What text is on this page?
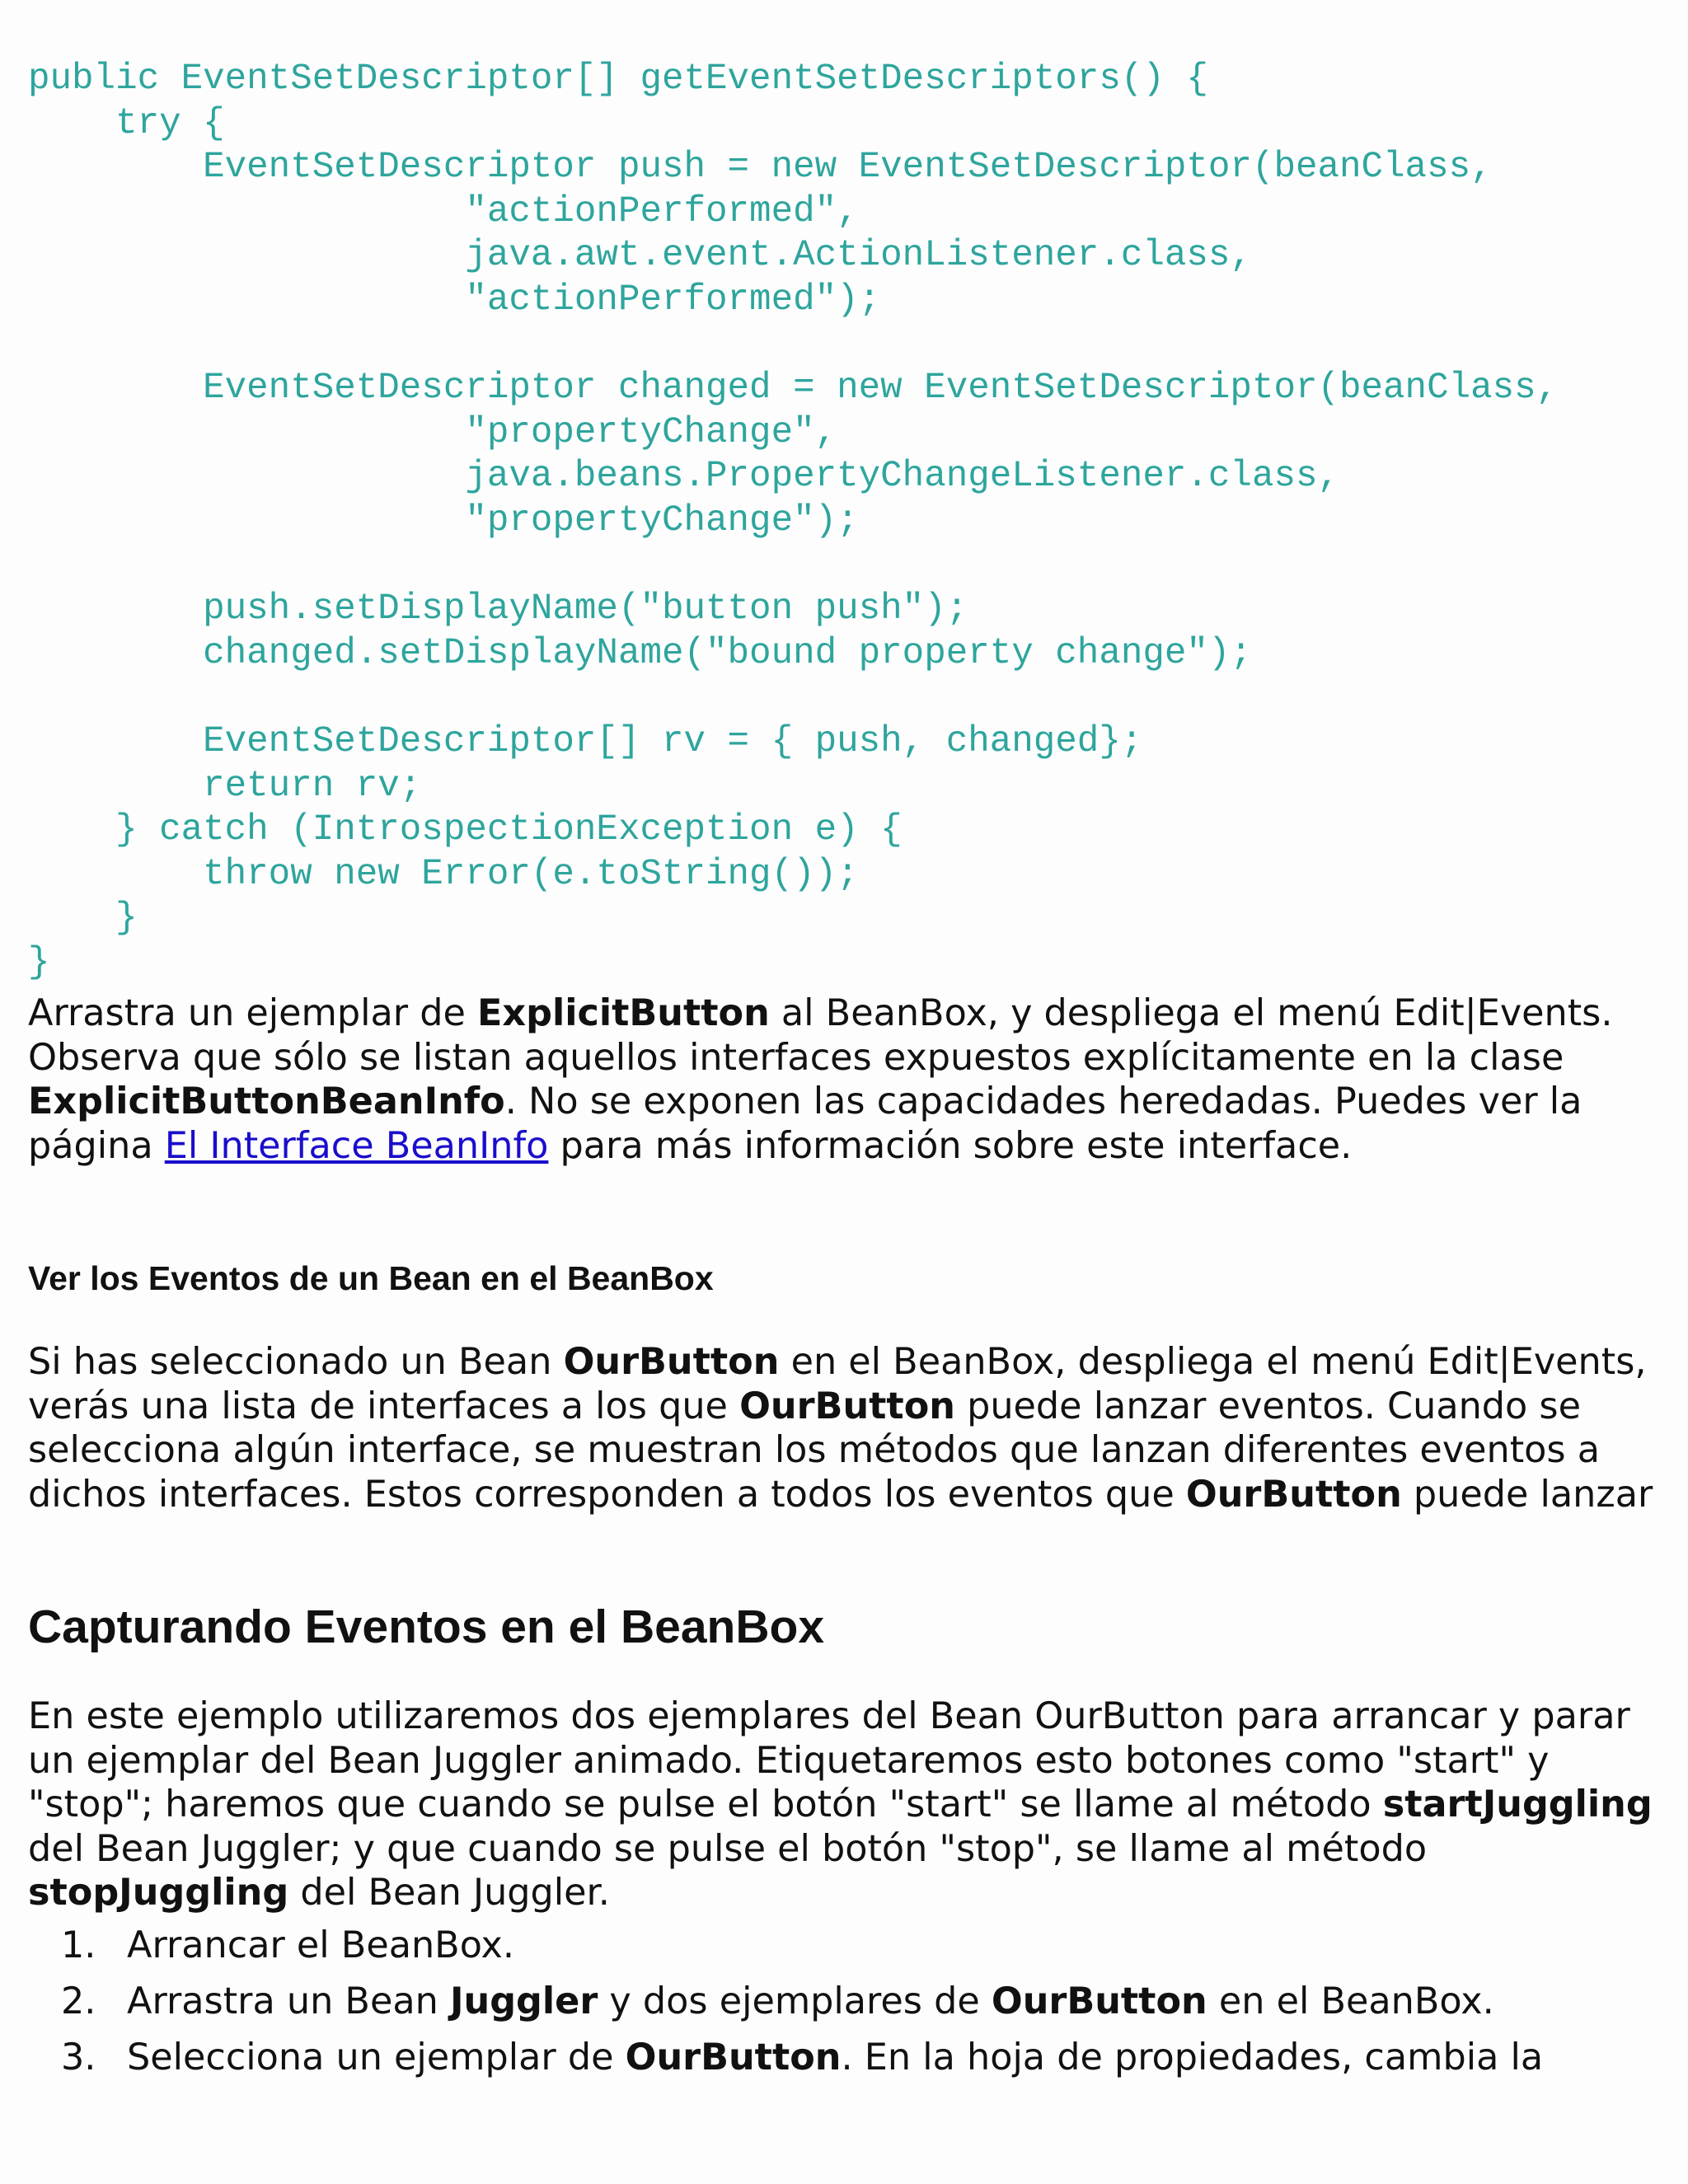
public EventSetDescriptor[] getEventSetDescriptors() {
try {
EventSetDescriptor push = new EventSetDescriptor(beanClass,
"actionPerformed",
java.awt.event.ActionListener.class,
"actionPerformed");
EventSetDescriptor changed = new EventSetDescriptor(beanClass,
"propertyChange",
java.beans.PropertyChangeListener.class,
"propertyChange");
push.setDisplayName("button push");
changed.setDisplayName("bound property change");
EventSetDescriptor[] rv = { push, changed};
return rv;
} catch (IntrospectionException e) {
throw new Error(e.toString());
}
}

Arrastra un ejemplar de ExplicitButton al BeanBox, y despliega el menú Edit|Events. Observa que sólo se listan aquellos interfaces expuestos explícitamente en la clase ExplicitButtonBeanInfo. No se exponen las capacidades heredadas. Puedes ver la página El Interface BeanInfo para más información sobre este interface.

Ver los Eventos de un Bean en el BeanBox

Si has seleccionado un Bean OurButton en el BeanBox, despliega el menú Edit|Events, verás una lista de interfaces a los que OurButton puede lanzar eventos. Cuando se selecciona algún interface, se muestran los métodos que lanzan diferentes eventos a dichos interfaces. Estos corresponden a todos los eventos que OurButton puede lanzar

Capturando Eventos en el BeanBox

En este ejemplo utilizaremos dos ejemplares del Bean OurButton para arrancar y parar un ejemplar del Bean Juggler animado. Etiquetaremos esto botones como "start" y "stop"; haremos que cuando se pulse el botón "start" se llame al método startJuggling del Bean Juggler; y que cuando se pulse el botón "stop", se llame al método stopJuggling del Bean Juggler.

1. Arrancar el BeanBox.
2. Arrastra un Bean Juggler y dos ejemplares de OurButton en el BeanBox.
3. Selecciona un ejemplar de OurButton. En la hoja de propiedades, cambia la
